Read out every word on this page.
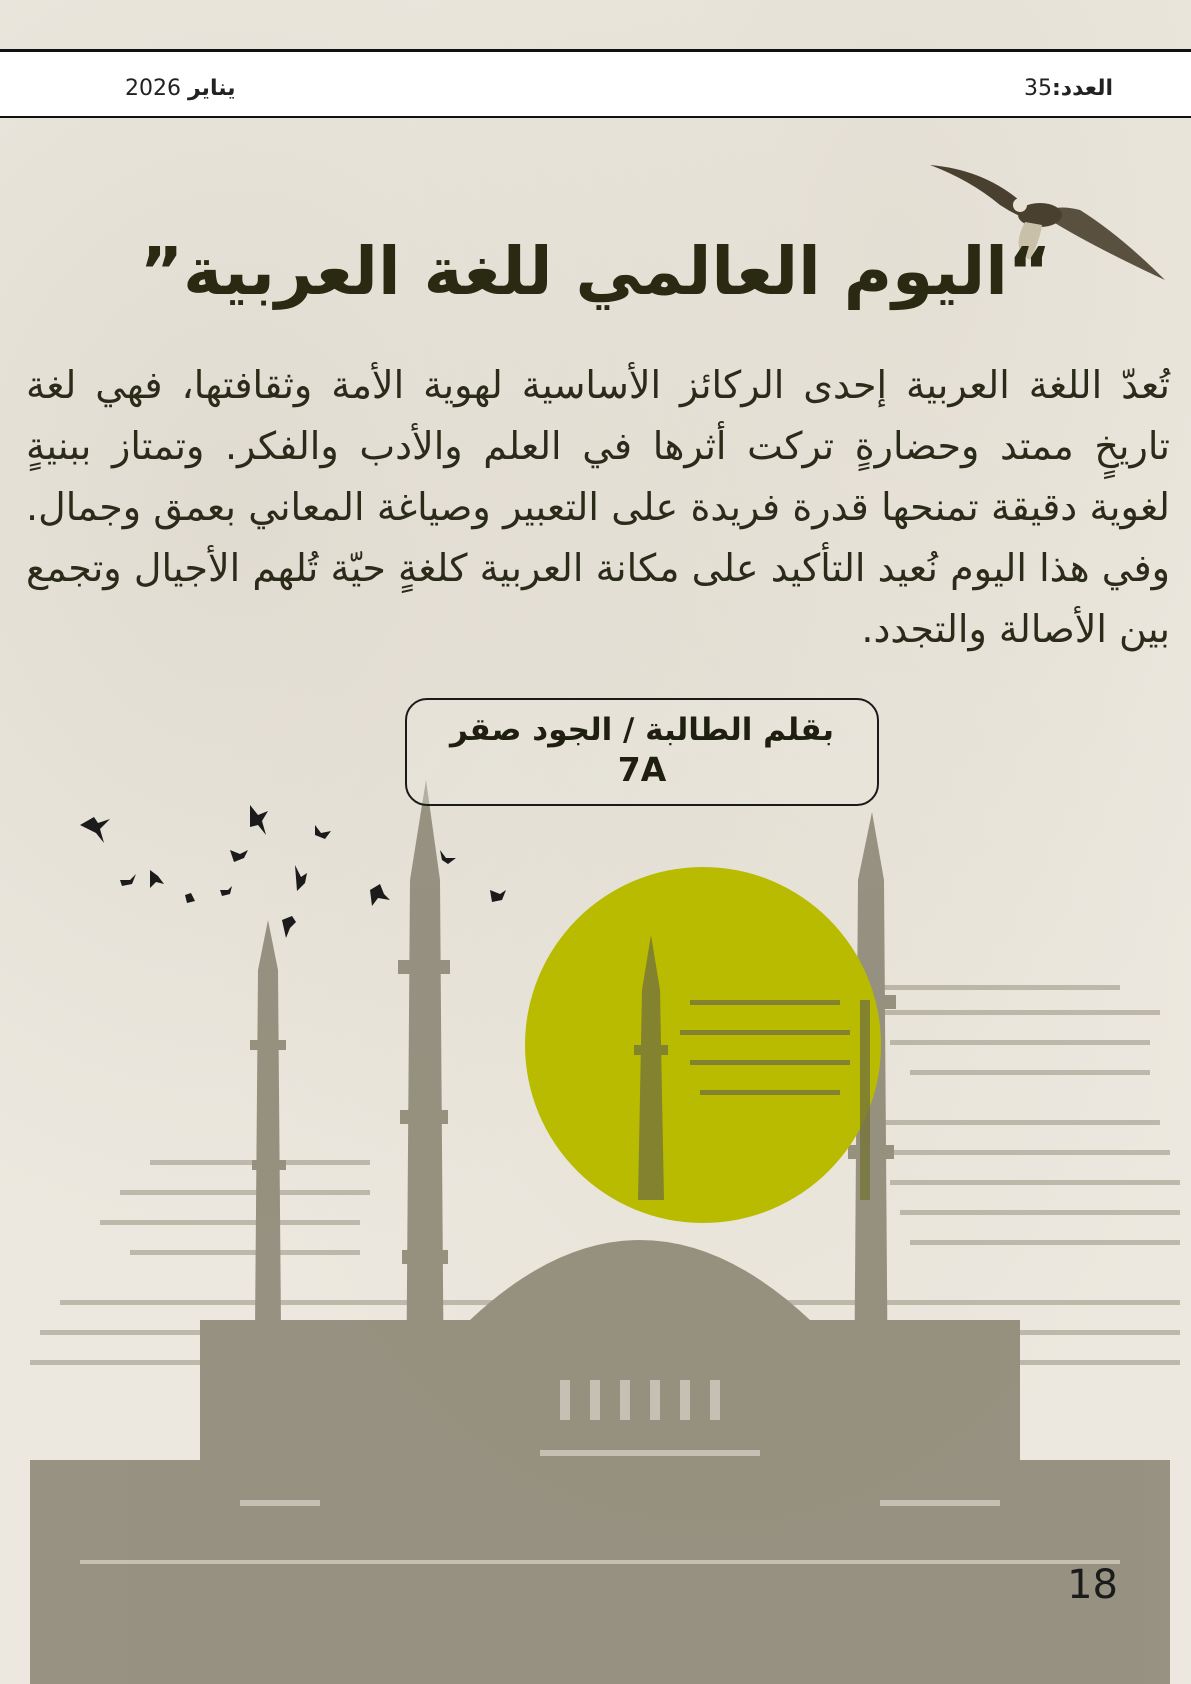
العدد:35
يناير 2026
“اليوم العالمي للغة العربية”

تُعدّ اللغة العربية إحدى الركائز الأساسية لهوية الأمة وثقافتها، فهي لغة تاريخٍ ممتد وحضارةٍ تركت أثرها في العلم والأدب والفكر. وتمتاز ببنيةٍ لغوية دقيقة تمنحها قدرة فريدة على التعبير وصياغة المعاني بعمق وجمال. وفي هذا اليوم نُعيد التأكيد على مكانة العربية كلغةٍ حيّة تُلهم الأجيال وتجمع بين الأصالة والتجدد.

بقلم الطالبة / الجود صقر
7A
18
